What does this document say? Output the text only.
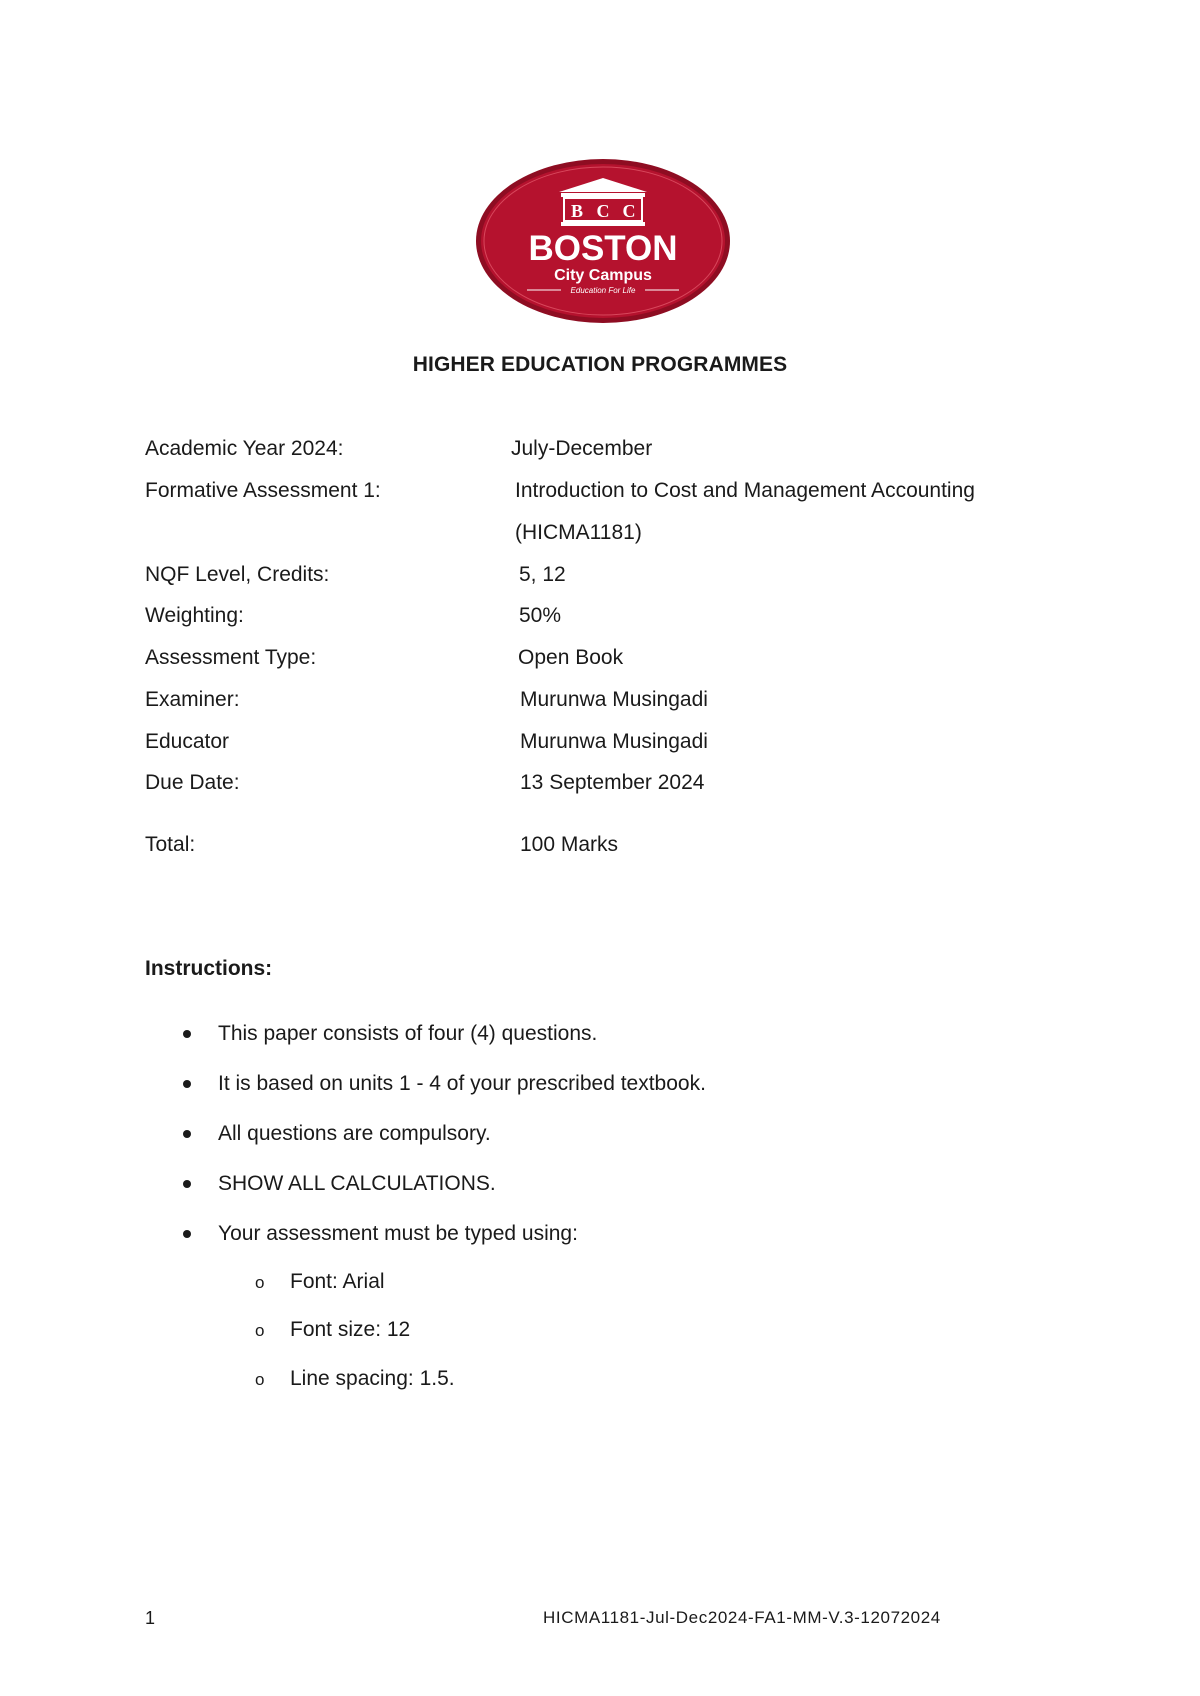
B C C
BOSTON
City Campus
Education For Life
HIGHER EDUCATION PROGRAMMES
Academic Year 2024:	July-December
Formative Assessment 1:	Introduction to Cost and Management Accounting
(HICMA1181)
NQF Level, Credits:	5, 12
Weighting:	50%
Assessment Type:	Open Book
Examiner:	Murunwa Musingadi
Educator	Murunwa Musingadi
Due Date:	13 September 2024
Total:	100 Marks
Instructions:
This paper consists of four (4) questions.
It is based on units 1 - 4 of your prescribed textbook.
All questions are compulsory.
SHOW ALL CALCULATIONS.
Your assessment must be typed using:
o Font: Arial
o Font size: 12
o Line spacing: 1.5.
1	HICMA1181-Jul-Dec2024-FA1-MM-V.3-12072024
